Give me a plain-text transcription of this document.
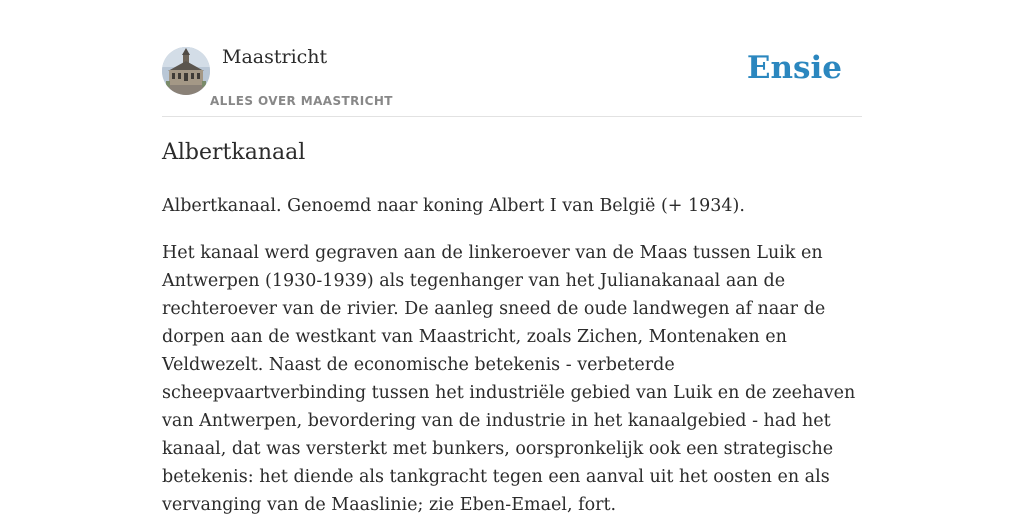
Maastricht
ALLES OVER MAASTRICHT
Ensie
Albertkanaal

Albertkanaal. Genoemd naar koning Albert I van België (+ 1934).

Het kanaal werd gegraven aan de linkeroever van de Maas tussen Luik en Antwerpen (1930-1939) als tegenhanger van het Julianakanaal aan de rechteroever van de rivier. De aanleg sneed de oude landwegen af naar de dorpen aan de westkant van Maastricht, zoals Zichen, Montenaken en Veldwezelt. Naast de economische betekenis - verbeterde scheepvaartverbinding tussen het industriële gebied van Luik en de zeehaven van Antwerpen, bevordering van de industrie in het kanaalgebied - had het kanaal, dat was versterkt met bunkers, oorspronkelijk ook een strategische betekenis: het diende als tankgracht tegen een aanval uit het oosten en als vervanging van de Maaslinie; zie Eben-Emael, fort.
